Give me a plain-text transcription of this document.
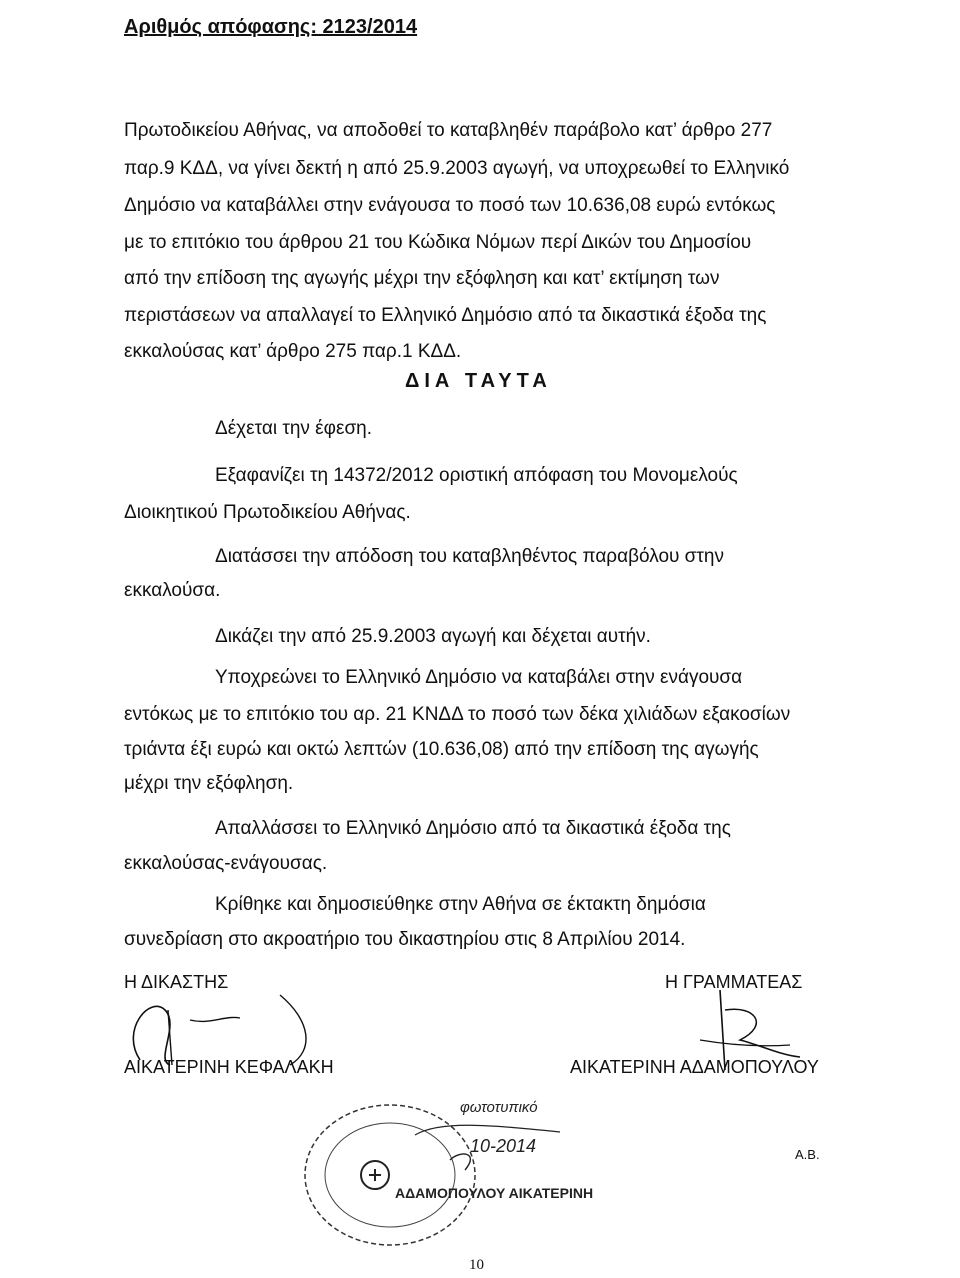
Αριθμός απόφασης: 2123/2014
Πρωτοδικείου Αθήνας, να αποδοθεί το καταβληθέν παράβολο κατ’ άρθρο 277
παρ.9 ΚΔΔ, να γίνει δεκτή η από 25.9.2003 αγωγή, να υποχρεωθεί το Ελληνικό
Δημόσιο να καταβάλλει στην ενάγουσα το ποσό των 10.636,08 ευρώ εντόκως
με το επιτόκιο του άρθρου 21 του Κώδικα Νόμων περί Δικών του Δημοσίου
από την επίδοση της αγωγής μέχρι την εξόφληση και κατ’ εκτίμηση των
περιστάσεων να απαλλαγεί το Ελληνικό Δημόσιο από τα δικαστικά έξοδα της
εκκαλούσας κατ’ άρθρο 275 παρ.1 ΚΔΔ.
ΔΙΑ ΤΑΥΤΑ
Δέχεται την έφεση.
Εξαφανίζει τη 14372/2012 οριστική απόφαση του Μονομελούς
Διοικητικού Πρωτοδικείου Αθήνας.
Διατάσσει την απόδοση του καταβληθέντος παραβόλου στην
εκκαλούσα.
Δικάζει την από 25.9.2003 αγωγή και δέχεται αυτήν.
Υποχρεώνει το Ελληνικό Δημόσιο να καταβάλει στην ενάγουσα
εντόκως με το επιτόκιο του αρ. 21 ΚΝΔΔ το ποσό των δέκα χιλιάδων εξακοσίων
τριάντα έξι ευρώ και οκτώ λεπτών (10.636,08) από την επίδοση της αγωγής
μέχρι την εξόφληση.
Απαλλάσσει το Ελληνικό Δημόσιο από τα δικαστικά έξοδα της
εκκαλούσας-ενάγουσας.
Κρίθηκε και δημοσιεύθηκε στην Αθήνα σε έκτακτη δημόσια
συνεδρίαση στο ακροατήριο του δικαστηρίου στις 8 Απριλίου 2014.
Η ΔΙΚΑΣΤΗΣ	Η ΓΡΑΜΜΑΤΕΑΣ
ΑΙΚΑΤΕΡΙΝΗ ΚΕΦΑΛΑΚΗ	ΑΙΚΑΤΕΡΙΝΗ ΑΔΑΜΟΠΟΥΛΟΥ
φωτοτυπικό
10-2014
ΑΔΑΜΟΠΟΥΛΟΥ ΑΙΚΑΤΕΡΙΝΗ
Α.Β.
10
